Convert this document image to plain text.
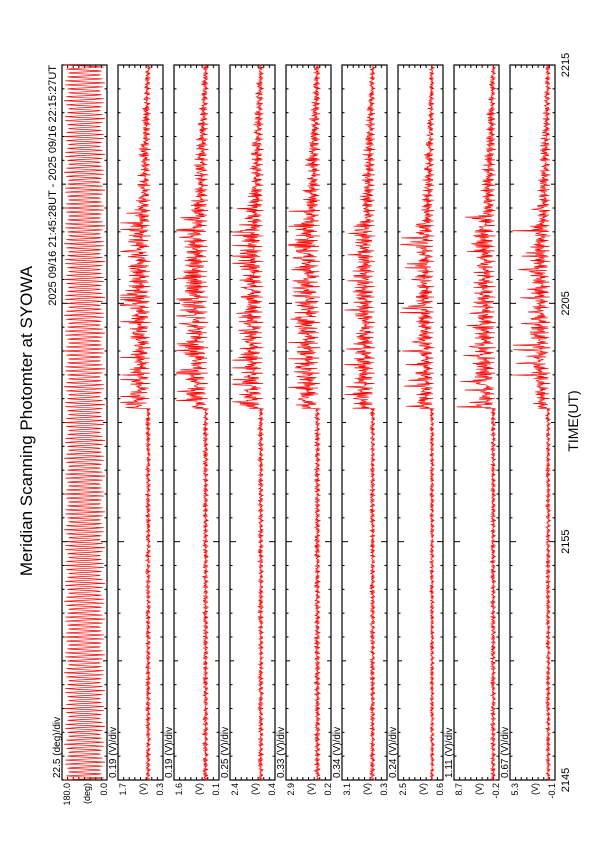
Meridian Scanning Photomter at SYOWA
2025 09/16 21:45:28UT - 2025 09/16 22:15:27UT
22.5 (deg)/div
180.0	0.0
(deg)
0.19 (V)/div
1.7	0.3
(V)
0.19 (V)/div
1.6	0.1
(V)
0.25 (V)/div
2.4	0.4
(V)
0.33 (V)/div
2.9	0.2
(V)
0.34 (V)/div
3.1	0.3
(V)
0.24 (V)/div
2.5	0.6
(V)
1.11 (V)/div
8.7	-0.2
(V)
0.67 (V)/div
5.3	-0.1
(V) 2145
2155
2205
2215
TIME(UT)
